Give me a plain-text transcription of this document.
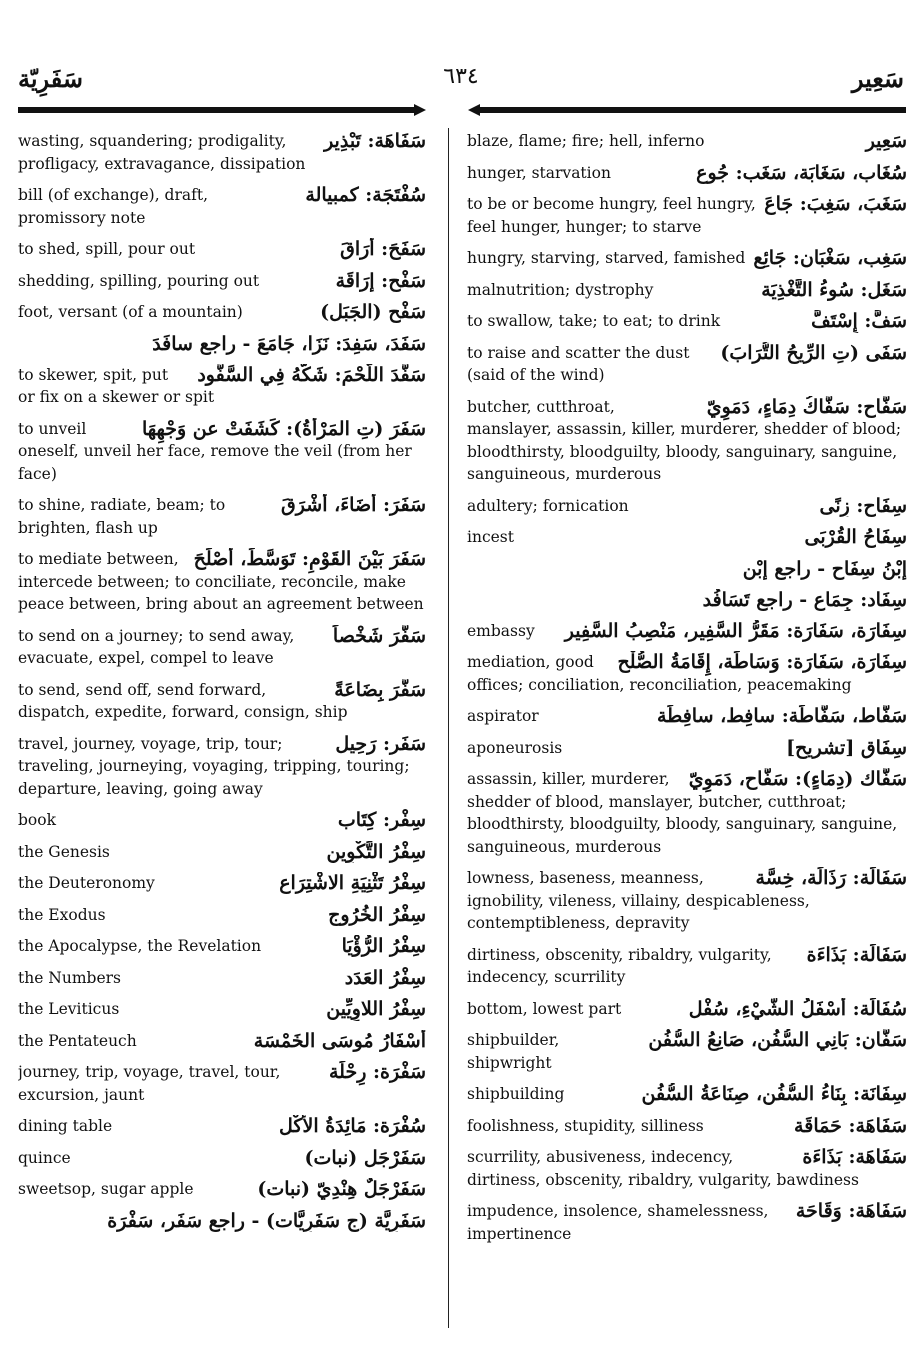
سَفَرِيّة	٦٣٤	سَعِير
سَفَاهَة: تَبْذِير
wasting, squandering; prodigality, profligacy, extravagance, dissipation
سُفْتَجَة: كمبيالة
bill (of exchange), draft, promissory note
سَفَحَ: أَرَاقَ
to shed, spill, pour out
سَفْح: إِرَاقَة
shedding, spilling, pouring out
سَفْح (الجَبَل)
foot, versant (of a mountain)
سَفَدَ، سَفِدَ: نَزَا، جَامَعَ - راجع سافَدَ
سَفَّدَ اللَّحْمَ: شَكَّهُ فِي السَّفُّود
to skewer, spit, put or fix on a skewer or spit
سَفَرَ (تِ المَرْأَةُ): كَشَفَتْ عن وَجْهِهَا
to unveil oneself, unveil her face, remove the veil (from her face)
سَفَرَ: أَضَاءَ، أَشْرَقَ
to shine, radiate, beam; to brighten, flash up
سَفَرَ بَيْنَ القَوْمِ: تَوَسَّطَ، أَصْلَحَ
to mediate between, intercede between; to conciliate, reconcile, make peace between, bring about an agreement between
سَفَّرَ شَخْصاً
to send on a journey; to send away, evacuate, expel, compel to leave
سَفَّرَ بِضَاعَةً
to send, send off, send forward, dispatch, expedite, forward, consign, ship
سَفَر: رَحِيل
travel, journey, voyage, trip, tour; traveling, journeying, voyaging, tripping, touring; departure, leaving, going away
سِفْر: كِتَاب
book
سِفْرُ التَّكْوِين
the Genesis
سِفْرُ تَثْنِيَةِ الاشْتِرَاع
the Deuteronomy
سِفْرُ الخُرُوج
the Exodus
سِفْرُ الرُّؤْيَا
the Apocalypse, the Revelation
سِفْرُ العَدَد
the Numbers
سِفْرُ اللاوِيِّين
the Leviticus
أَسْفَارُ مُوسَى الخَمْسَة
the Pentateuch
سَفْرَة: رِحْلَة
journey, trip, voyage, travel, tour, excursion, jaunt
سُفْرَة: مَائِدَةُ الأَكْل
dining table
سَفَرْجَل (نبات)
quince
سَفَرْجَلٌ هِنْدِيّ (نبات)
sweetsop, sugar apple
سَفَرِيَّة (ج سَفَرِيَّات) - راجع سَفَر، سَفْرَة
سَعِير
blaze, flame; fire; hell, inferno
سُغَاب، سَغَابَة، سَغَب: جُوع
hunger, starvation
سَغَبَ، سَغِبَ: جَاعَ
to be or become hungry, feel hungry, feel hunger, hunger; to starve
سَغِب، سَغْبَان: جَائِع
hungry, starving, starved, famished
سَغَل: سُوءُ التَّغْذِيَة
malnutrition; dystrophy
سَفَّ: إِسْتَفَّ
to swallow, take; to eat; to drink
سَفَى (تِ الرِّيحُ التُّرَابَ)
to raise and scatter the dust (said of the wind)
سَفَّاح: سَفَّاكُ دِمَاءٍ، دَمَوِيّ
butcher, cutthroat, manslayer, assassin, killer, murderer, shedder of blood; bloodthirsty, bloodguilty, bloody, sanguinary, sanguine, sanguineous, murderous
سِفَاح: زِنًى
adultery; fornication
سِفَاحُ القُرْبَى
incest
إِبْنُ سِفَاح - راجع إِبْن
سِفَاد: جِمَاع - راجع تَسَافُد
سِفَارَة، سَفَارَة: مَقَرُّ السَّفِير، مَنْصِبُ السَّفِير
embassy
سِفَارَة، سَفَارَة: وَسَاطَة، إِقَامَةُ الصُّلْح
mediation, good offices; conciliation, reconciliation, peacemaking
سَفَّاط، سَفَّاطَة: سافِط، سافِطَة
aspirator
سِفَاق [تشريح]
aponeurosis
سَفَّاك (دِمَاءٍ): سَفَّاح، دَمَوِيّ
assassin, killer, murderer, shedder of blood, manslayer, butcher, cutthroat; bloodthirsty, bloodguilty, bloody, sanguinary, sanguine, sanguineous, murderous
سَفَالَة: رَذَالَة، خِسَّة
lowness, baseness, meanness, ignobility, vileness, villainy, despicableness, contemptibleness, depravity
سَفَالَة: بَذَاءَة
dirtiness, obscenity, ribaldry, vulgarity, indecency, scurrility
سُفَالَة: أَسْفَلُ الشَّيْءِ، سُفْل
bottom, lowest part
سَفَّان: بَانِي السُّفُن، صَانِعُ السُّفُن
shipbuilder, shipwright
سِفَانَة: بِنَاءُ السُّفُن، صِنَاعَةُ السُّفُن
shipbuilding
سَفَاهَة: حَمَاقَة
foolishness, stupidity, silliness
سَفَاهَة: بَذَاءَة
scurrility, abusiveness, indecency, dirtiness, obscenity, ribaldry, vulgarity, bawdiness
سَفَاهَة: وَقَاحَة
impudence, insolence, shamelessness, impertinence
